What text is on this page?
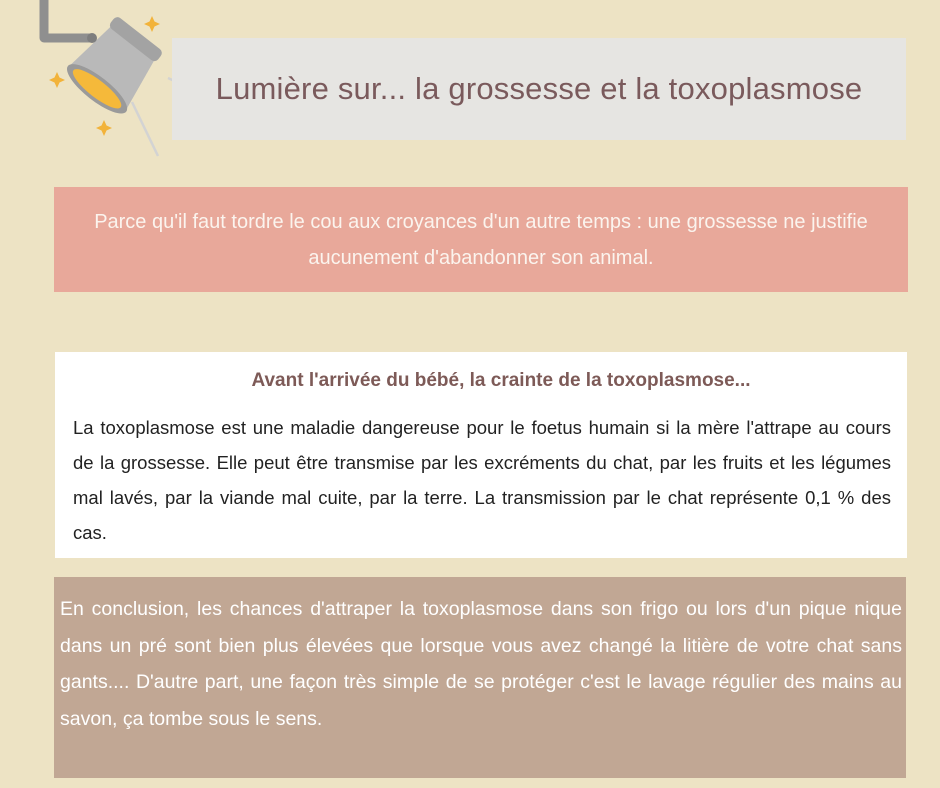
Lumière sur... la grossesse et la toxoplasmose
Parce qu'il faut tordre le cou aux croyances d'un autre temps : une grossesse ne justifie aucunement d'abandonner son animal.
Avant l'arrivée du bébé, la crainte de la toxoplasmose...
La toxoplasmose est une maladie dangereuse pour le foetus humain si la mère l'attrape au cours de la grossesse. Elle peut être transmise par les excréments du chat, par les fruits et les légumes mal lavés, par la viande mal cuite, par la terre. La transmission par le chat représente 0,1 % des cas.
En conclusion, les chances d'attraper la toxoplasmose dans son frigo ou lors d'un pique nique dans un pré sont bien plus élevées que lorsque vous avez changé la litière de votre chat sans gants.... D'autre part, une façon très simple de se protéger c'est le lavage régulier des mains au savon, ça tombe sous le sens.
